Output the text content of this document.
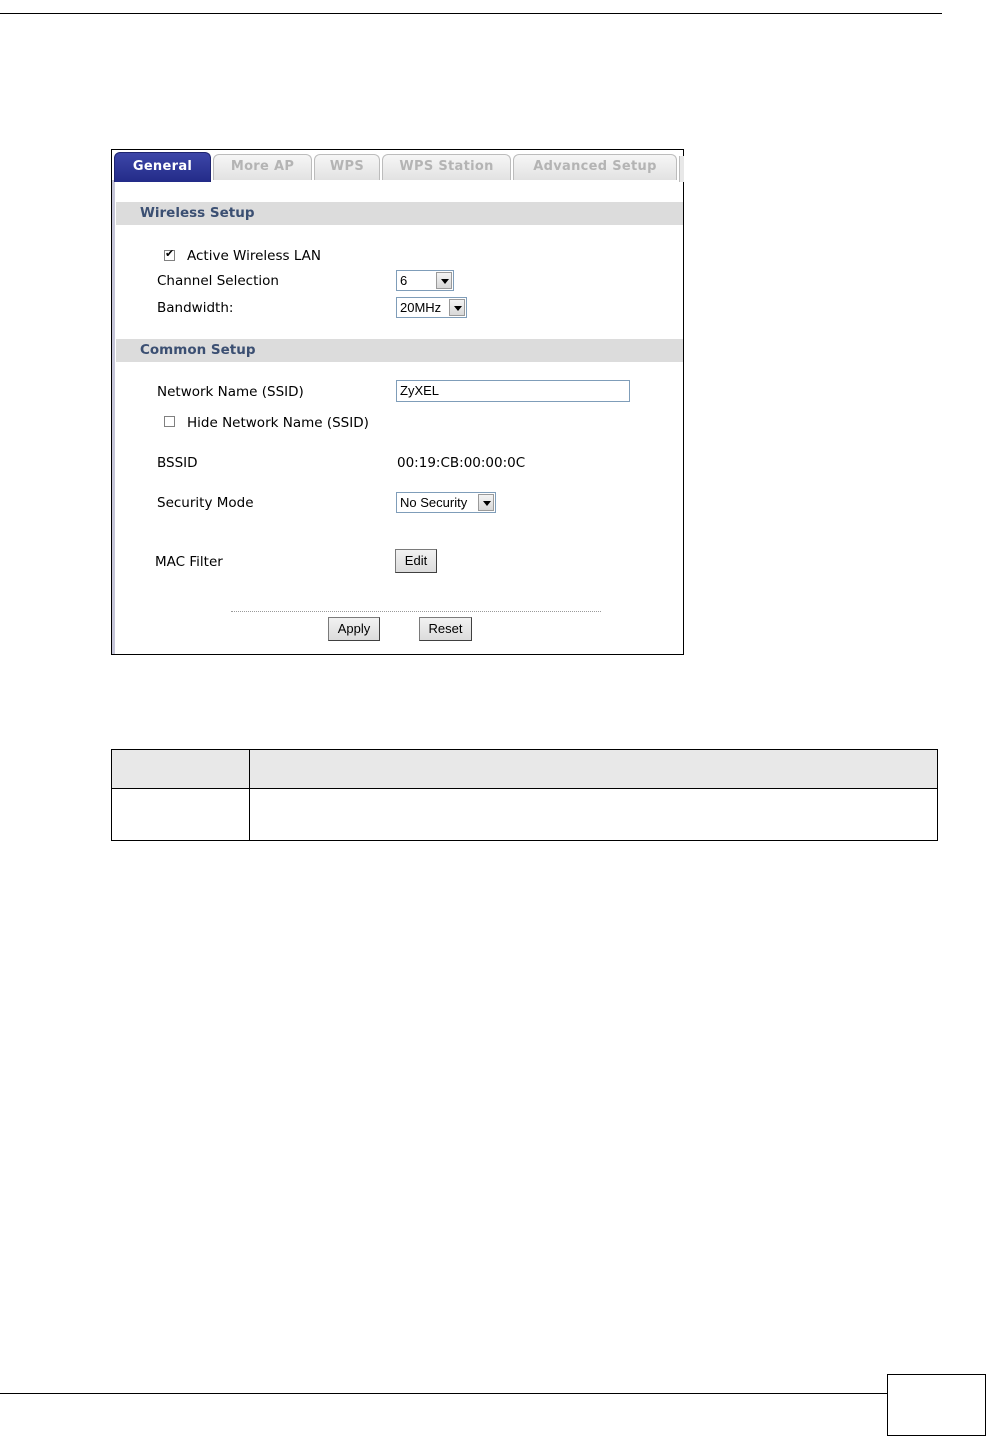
General	More AP	WPS	WPS Station	Advanced Setup
Wireless Setup
✔
Active Wireless LAN
Channel Selection	6
Bandwidth:	20MHz
Common Setup
Network Name (SSID)	ZyXEL
Hide Network Name (SSID)
BSSID	00:19:CB:00:00:0C
Security Mode	No Security
MAC Filter	Edit
Apply	Reset
